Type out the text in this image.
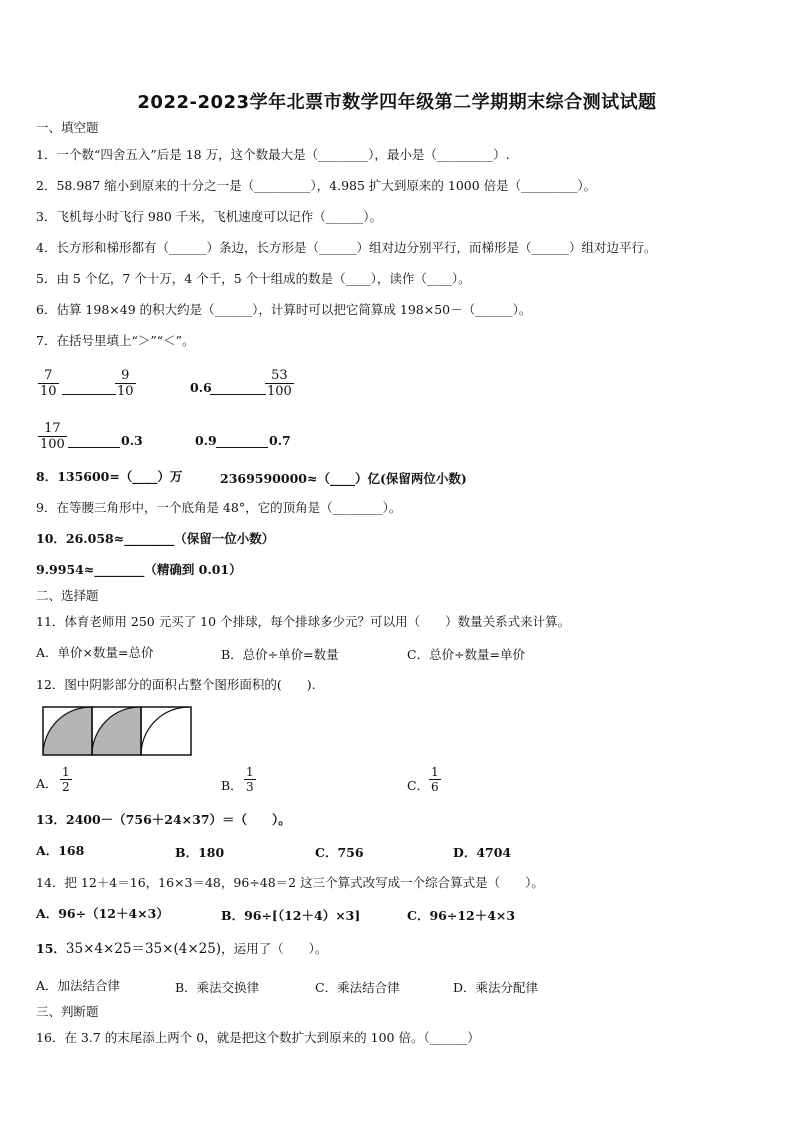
2022-2023学年北票市数学四年级第二学期期末综合测试试题
一、填空题
1．一个数“四舍五入”后是 18 万，这个数最大是（________），最小是（_________）.
2．58.987 缩小到原来的十分之一是（_________），4.985 扩大到原来的 1000 倍是（_________）。
3．飞机每小时飞行 980 千米，飞机速度可以记作（______）。
4．长方形和梯形都有（______）条边，长方形是（______）组对边分别平行，而梯形是（______）组对边平行。
5．由 5 个亿，7 个十万，4 个千，5 个十组成的数是（____），读作（____）。
6．估算 198×49 的积大约是（______），计算时可以把它简算成 198×50－（______）。
7．在括号里填上“＞”“＜”。
$\frac{7}{10}$	$\frac{9}{10}$	0.6	$\frac{53}{100}$
$\frac{17}{100}$	0.3	0.9	0.7
8．135600=（____）万	2369590000≈（____）亿(保留两位小数)
9．在等腰三角形中，一个底角是 48°，它的顶角是（________）。
10．26.058≈________（保留一位小数）
9.9954≈________（精确到 0.01）
二、选择题
11．体育老师用 250 元买了 10 个排球，每个排球多少元？可以用（　　）数量关系式来计算。
A．单价×数量=总价	B．总价÷单价=数量	C．总价÷数量=单价
12．图中阴影部分的面积占整个图形面积的(　　).
A． $\frac{1}{2}$	B． $\frac{1}{3}$	C． $\frac{1}{6}$
13．2400－（756＋24×37）＝（　　）。
A．168	B．180	C．756	D．4704
14．把 12＋4＝16，16×3＝48，96÷48＝2 这三个算式改写成一个综合算式是（　　）。
A．96÷（12＋4×3）	B．96÷[（12＋4）×3]	C．96÷12＋4×3
15．35×4×25＝35×(4×25)，运用了（　　）。
A．加法结合律	B．乘法交换律	C．乘法结合律	D．乘法分配律
三、判断题
16．在 3.7 的末尾添上两个 0，就是把这个数扩大到原来的 100 倍。（______）
